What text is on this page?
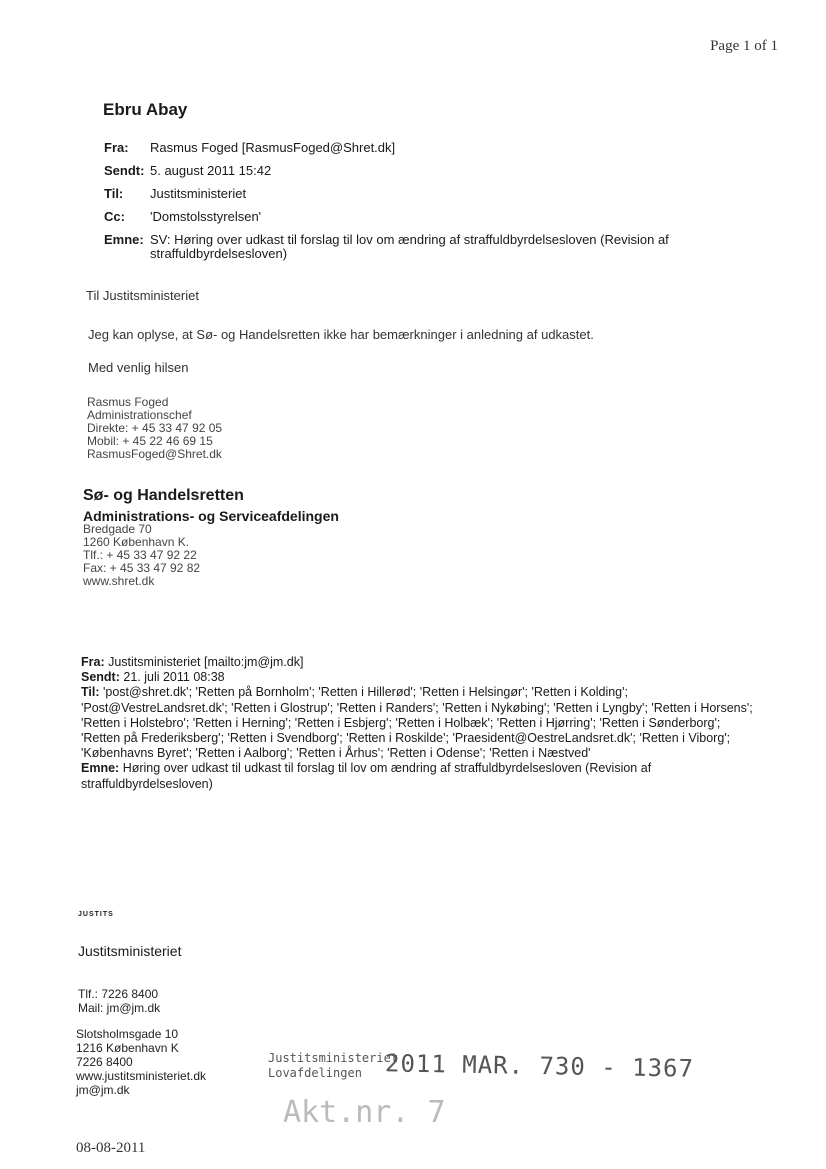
Page 1 of 1
Ebru Abay
Fra: Rasmus Foged [RasmusFoged@Shret.dk]
Sendt: 5. august 2011 15:42
Til: Justitsministeriet
Cc: 'Domstolsstyrelsen'
Emne: SV: Høring over udkast til forslag til lov om ændring af straffuldbyrdelsesloven (Revision af straffuldbyrdelsesloven)
Til Justitsministeriet
Jeg kan oplyse, at Sø- og Handelsretten ikke har bemærkninger i anledning af udkastet.
Med venlig hilsen
Rasmus Foged
Administrationschef
Direkte: + 45 33 47 92 05
Mobil: + 45 22 46 69 15
RasmusFoged@Shret.dk
Sø- og Handelsretten
Administrations- og Serviceafdelingen
Bredgade 70
1260 København K.
Tlf.: + 45 33 47 92 22
Fax: + 45 33 47 92 82
www.shret.dk
Fra: Justitsministeriet [mailto:jm@jm.dk]
Sendt: 21. juli 2011 08:38
Til: 'post@shret.dk'; 'Retten på Bornholm'; 'Retten i Hillerød'; 'Retten i Helsingør'; 'Retten i Kolding'; 'Post@VestreLandsret.dk'; 'Retten i Glostrup'; 'Retten i Randers'; 'Retten i Nykøbing'; 'Retten i Lyngby'; 'Retten i Horsens'; 'Retten i Holstebro'; 'Retten i Herning'; 'Retten i Esbjerg'; 'Retten i Holbæk'; 'Retten i Hjørring'; 'Retten i Sønderborg'; 'Retten på Frederiksberg'; 'Retten i Svendborg'; 'Retten i Roskilde'; 'Praesident@OestreLandsret.dk'; 'Retten i Viborg'; 'Københavns Byret'; 'Retten i Aalborg'; 'Retten i Århus'; 'Retten i Odense'; 'Retten i Næstved'
Emne: Høring over udkast til udkast til forslag til lov om ændring af straffuldbyrdelsesloven (Revision af straffuldbyrdelsesloven)
JUSTITS
Justitsministeriet
Tlf.: 7226 8400
Mail: jm@jm.dk
Slotsholmsgade 10
1216 København K
7226 8400
www.justitsministeriet.dk
jm@jm.dk
08-08-2011
Justitsministeriet
Lovafdelingen 2011 MAR. 730 - 1367
Akt.nr. 7
